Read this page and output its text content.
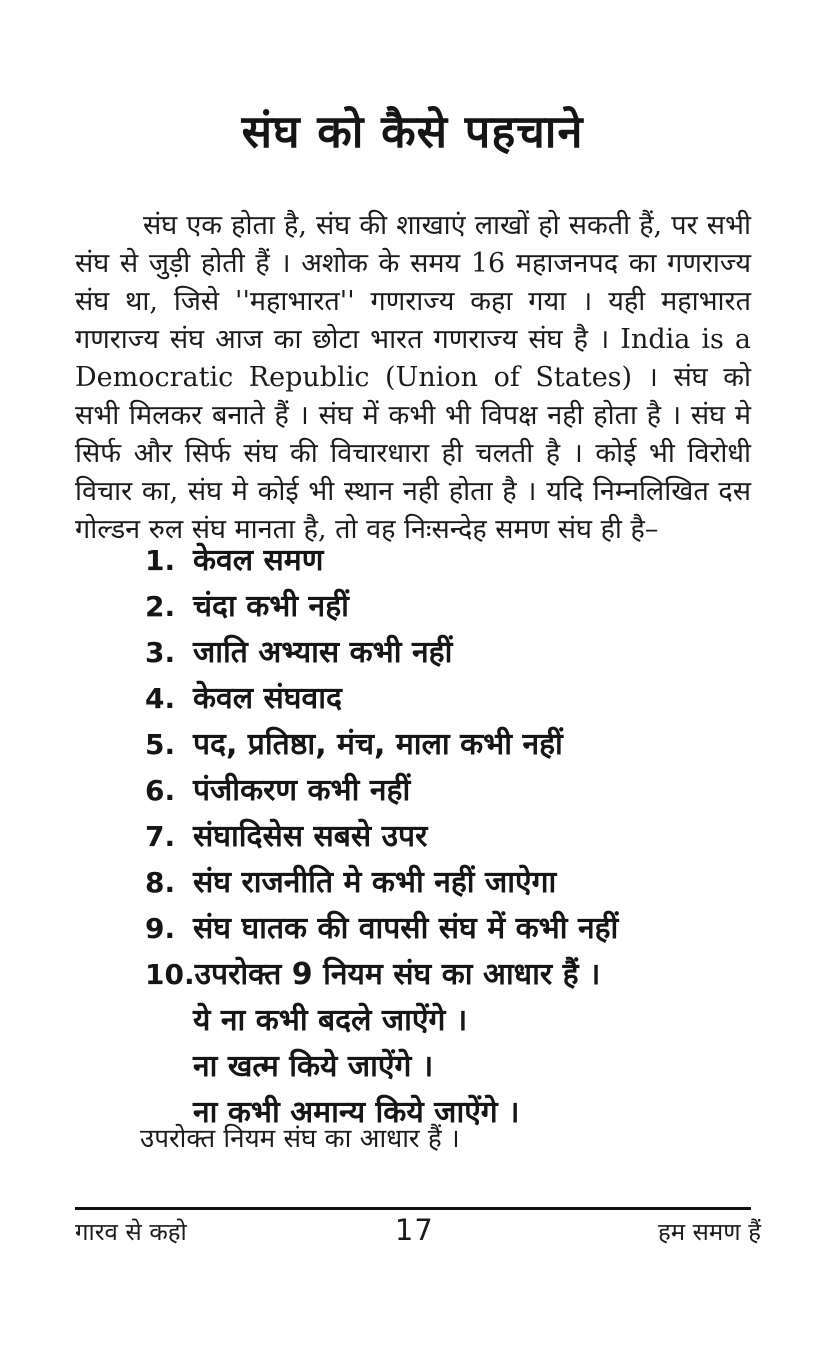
संघ को कैसे पहचाने
संघ एक होता है, संघ की शाखाएं लाखों हो सकती हैं, पर सभी संघ से जुड़ी होती हैं । अशोक के समय 16 महाजनपद का गणराज्य संघ था, जिसे ''महाभारत'' गणराज्य कहा गया । यही महाभारत गणराज्य संघ आज का छोटा भारत गणराज्य संघ है । India is a Democratic Republic (Union of States) । संघ को सभी मिलकर बनाते हैं । संघ में कभी भी विपक्ष नही होता है । संघ मे सिर्फ और सिर्फ संघ की विचारधारा ही चलती है । कोई भी विरोधी विचार का, संघ मे कोई भी स्थान नही होता है । यदि निम्नलिखित दस गोल्डन रुल संघ मानता है, तो वह निःसन्देह समण संघ ही है–
1. केवल समण
2. चंदा कभी नहीं
3. जाति अभ्यास कभी नहीं
4. केवल संघवाद
5. पद, प्रतिष्ठा, मंच, माला कभी नहीं
6. पंजीकरण कभी नहीं
7. संघादिसेस सबसे उपर
8. संघ राजनीति मे कभी नहीं जाऐगा
9. संघ घातक की वापसी संघ में कभी नहीं
10. उपरोक्त 9 नियम संघ का आधार हैं ।
ये ना कभी बदले जाऐंगे ।
ना खत्म किये जाऐंगे ।
ना कभी अमान्य किये जाऐंगे ।
उपरोक्त नियम संघ का आधार हैं ।
गारव से कहो	17	हम समण हैं
